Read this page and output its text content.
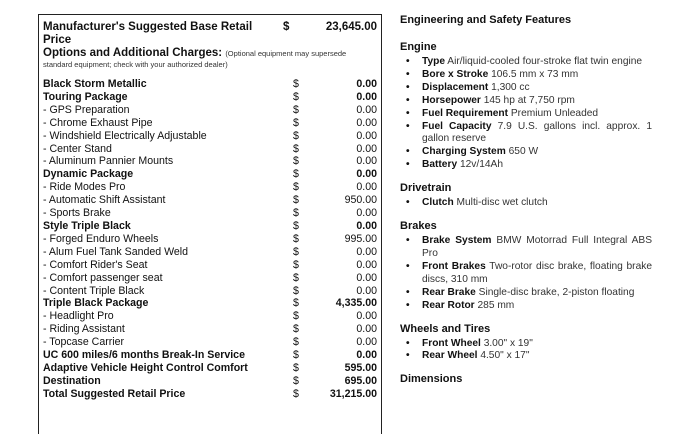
Manufacturer's Suggested Base Retail Price
$	23,645.00
Options and Additional Charges: (Optional equipment may supersede
standard equipment; check with your authorized dealer)
Black Storm Metallic	$	0.00
Touring Package	$	0.00
- GPS Preparation	$	0.00
- Chrome Exhaust Pipe	$	0.00
- Windshield Electrically Adjustable	$	0.00
- Center Stand	$	0.00
- Aluminum Pannier Mounts	$	0.00
Dynamic Package	$	0.00
- Ride Modes Pro	$	0.00
- Automatic Shift Assistant	$	950.00
- Sports Brake	$	0.00
Style Triple Black	$	0.00
- Forged Enduro Wheels	$	995.00
- Alum Fuel Tank Sanded Weld	$	0.00
- Comfort Rider's Seat	$	0.00
- Comfort passenger seat	$	0.00
- Content Triple Black	$	0.00
Triple Black Package	$	4,335.00
- Headlight Pro	$	0.00
- Riding Assistant	$	0.00
- Topcase Carrier	$	0.00
UC 600 miles/6 months Break-In Service	$	0.00
Adaptive Vehicle Height Control Comfort	$	595.00
Destination	$	695.00
Total Suggested Retail Price	$	31,215.00
Engineering and Safety Features
Engine
• Type Air/liquid-cooled four-stroke flat twin engine
• Bore x Stroke 106.5 mm x 73 mm
• Displacement 1,300 cc
• Horsepower 145 hp at 7,750 rpm
• Fuel Requirement Premium Unleaded
• Fuel Capacity 7.9 U.S. gallons incl. approx. 1 gallon reserve
• Charging System 650 W
• Battery 12v/14Ah
Drivetrain
• Clutch Multi-disc wet clutch
Brakes
• Brake System BMW Motorrad Full Integral ABS Pro
• Front Brakes Two-rotor disc brake, floating brake discs, 310 mm
• Rear Brake Single-disc brake, 2-piston floating
• Rear Rotor 285 mm
Wheels and Tires
• Front Wheel 3.00" x 19"
• Rear Wheel 4.50" x 17"
Dimensions
